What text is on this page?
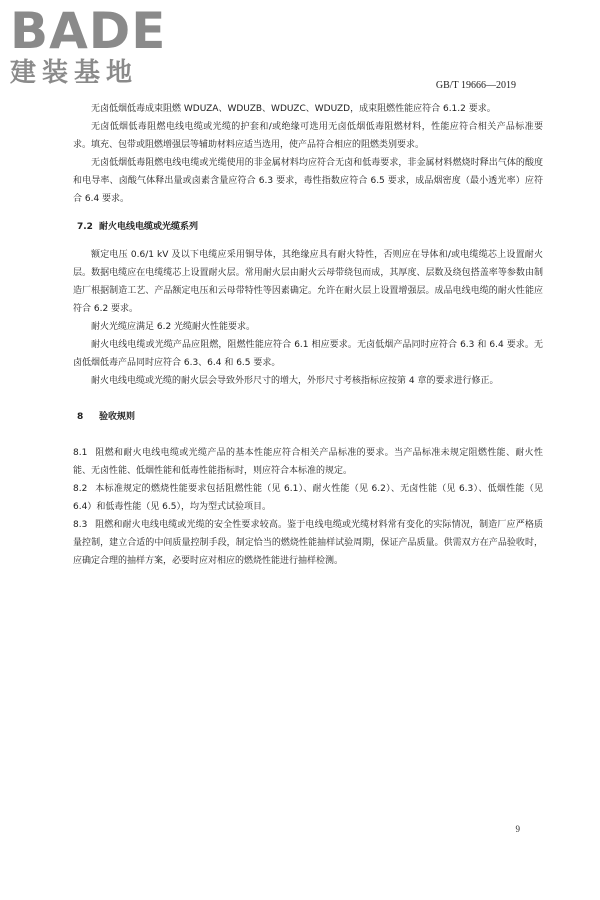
BADE
建装基地	GB/T 19666—2019

无卤低烟低毒成束阻燃 WDUZA、WDUZB、WDUZC、WDUZD，成束阻燃性能应符合 6.1.2 要求。

无卤低烟低毒阻燃电线电缆或光缆的护套和/或绝缘可选用无卤低烟低毒阻燃材料，性能应符合相关产品标准要求。填充、包带或阻燃增强层等辅助材料应适当选用，使产品符合相应的阻燃类别要求。

无卤低烟低毒阻燃电线电缆或光缆使用的非金属材料均应符合无卤和低毒要求，非金属材料燃烧时释出气体的酸度和电导率、卤酸气体释出量或卤素含量应符合 6.3 要求，毒性指数应符合 6.5 要求，成品烟密度（最小透光率）应符合 6.4 要求。

7.2 耐火电线电缆或光缆系列

额定电压 0.6/1 kV 及以下电缆应采用铜导体，其绝缘应具有耐火特性，否则应在导体和/或电缆缆芯上设置耐火层。数据电缆应在电缆缆芯上设置耐火层。常用耐火层由耐火云母带绕包而成，其厚度、层数及绕包搭盖率等参数由制造厂根据制造工艺、产品额定电压和云母带特性等因素确定。允许在耐火层上设置增强层。成品电线电缆的耐火性能应符合 6.2 要求。

耐火光缆应满足 6.2 光缆耐火性能要求。

耐火电线电缆或光缆产品应阻燃，阻燃性能应符合 6.1 相应要求。无卤低烟产品同时应符合 6.3 和 6.4 要求。无卤低烟低毒产品同时应符合 6.3、6.4 和 6.5 要求。

耐火电线电缆或光缆的耐火层会导致外形尺寸的增大，外形尺寸考核指标应按第 4 章的要求进行修正。

8 验收规则

8.1 阻燃和耐火电线电缆或光缆产品的基本性能应符合相关产品标准的要求。当产品标准未规定阻燃性能、耐火性能、无卤性能、低烟性能和低毒性能指标时，则应符合本标准的规定。

8.2 本标准规定的燃烧性能要求包括阻燃性能（见 6.1）、耐火性能（见 6.2）、无卤性能（见 6.3）、低烟性能（见 6.4）和低毒性能（见 6.5），均为型式试验项目。

8.3 阻燃和耐火电线电缆或光缆的安全性要求较高。鉴于电线电缆或光缆材料常有变化的实际情况，制造厂应严格质量控制，建立合适的中间质量控制手段，制定恰当的燃烧性能抽样试验周期，保证产品质量。供需双方在产品验收时，应确定合理的抽样方案，必要时应对相应的燃烧性能进行抽样检测。

9
